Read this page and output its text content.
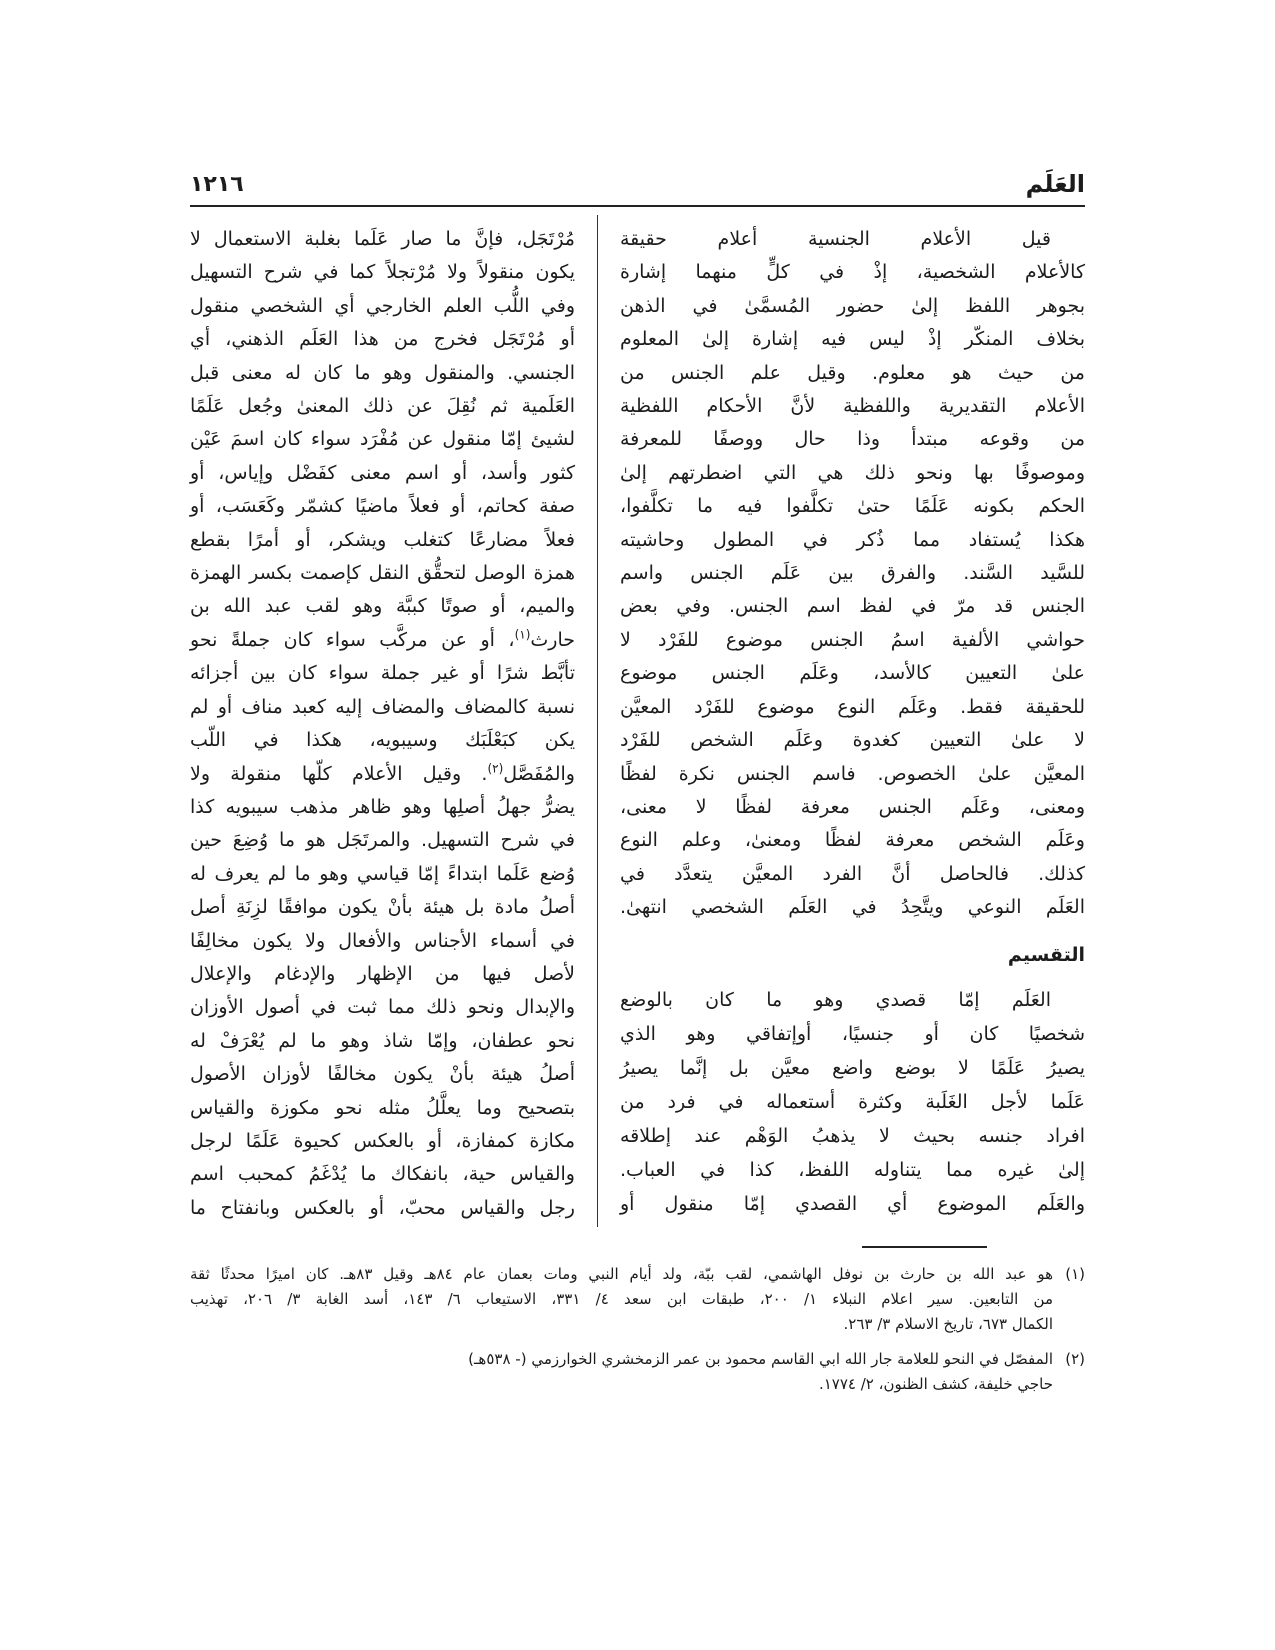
العَلَم
١٢١٦
قيل الأعلام الجنسية أعلام حقيقة
كالأعلام الشخصية، إذْ في كلٍّ منهما إشارة
بجوهر اللفظ إلىٰ حضور المُسمَّىٰ في الذهن
بخلاف المنكّر إذْ ليس فيه إشارة إلىٰ المعلوم
من حيث هو معلوم. وقيل علم الجنس من
الأعلام التقديرية واللفظية لأنَّ الأحكام اللفظية
من وقوعه مبتدأ وذا حال ووصفًا للمعرفة
وموصوفًا بها ونحو ذلك هي التي اضطرتهم إلىٰ
الحكم بكونه عَلَمًا حتىٰ تكلَّفوا فيه ما تكلَّفوا،
هكذا يُستفاد مما ذُكر في المطول وحاشيته
للسَّيد السَّند. والفرق بين عَلَم الجنس واسم
الجنس قد مرّ في لفظ اسم الجنس. وفي بعض
حواشي الألفية اسمُ الجنس موضوع للفَرْد لا
علىٰ التعيين كالأسد، وعَلَم الجنس موضوع
للحقيقة فقط. وعَلَم النوع موضوع للفَرْد المعيَّن
لا علىٰ التعيين كغدوة وعَلَم الشخص للفَرْد
المعيَّن علىٰ الخصوص. فاسم الجنس نكرة لفظًا
ومعنى، وعَلَم الجنس معرفة لفظًا لا معنى،
وعَلَم الشخص معرفة لفظًا ومعنىٰ، وعلم النوع
كذلك. فالحاصل أنَّ الفرد المعيَّن يتعدَّد في
العَلَم النوعي ويتَّحِدُ في العَلَم الشخصي انتهىٰ.
التقسيم
العَلَم إمّا قصدي وهو ما كان بالوضع
شخصيًا كان أو جنسيًا، أوإتفاقي وهو الذي
يصيرُ عَلَمًا لا بوضع واضع معيَّن بل إنَّما يصيرُ
عَلَما لأجل الغَلَبة وكثرة أستعماله في فرد من
افراد جنسه بحيث لا يذهبُ الوَهْم عند إطلاقه
إلىٰ غيره مما يتناوله اللفظ، كذا في العباب.
والعَلَم الموضوع أي القصدي إمّا منقول أو
مُرْتَجَل، فإنَّ ما صار عَلَما بغلبة الاستعمال لا
يكون منقولاً ولا مُرْتجلاً كما في شرح التسهيل
وفي اللُّب العلم الخارجي أي الشخصي منقول
أو مُرْتَجَل فخرج من هذا العَلَم الذهني، أي
الجنسي. والمنقول وهو ما كان له معنى قبل
العَلَمية ثم نُقِلَ عن ذلك المعنىٰ وجُعل عَلَمًا
لشيئ إمّا منقول عن مُفْرَد سواء كان اسمَ عَيْن
كثور وأسد، أو اسم معنى كفَضْل وإياس، أو
صفة كحاتم، أو فعلاً ماضيًا كشمّر وكَعَسَب، أو
فعلاً مضارعًا كتغلب ويشكر، أو أمرًا بقطع
همزة الوصل لتحقُّق النقل كإصمت بكسر الهمزة
والميم، أو صوتًا كببَّة وهو لقب عبد الله بن
حارث$^{(١)}$، أو عن مركَّب سواء كان جملةً نحو
تأبَّط شرًا أو غير جملة سواء كان بين أجزائه
نسبة كالمضاف والمضاف إليه كعبد مناف أو لم
يكن كبَعْلَبَك وسيبويه، هكذا في اللّب
والمُفَصَّل$^{(٢)}$. وقيل الأعلام كلّها منقولة ولا
يضرُّ جهلُ أصلِها وهو ظاهر مذهب سيبويه كذا
في شرح التسهيل. والمرتَجَل هو ما وُضِعَ حين
وُضع عَلَما ابتداءً إمّا قياسي وهو ما لم يعرف له
أصلُ مادة بل هيئة بأنْ يكون موافقًا لزِنَةِ أصل
في أسماء الأجناس والأفعال ولا يكون مخالِفًا
لأصل فيها من الإظهار والإدغام والإعلال
والإبدال ونحو ذلك مما ثبت في أصول الأوزان
نحو عطفان، وإمّا شاذ وهو ما لم يُعْرَفْ له
أصلُ هيئة بأنْ يكون مخالفًا لأوزان الأصول
بتصحيح وما يعلَّلُ مثله نحو مكوزة والقياس
مكازة كمفازة، أو بالعكس كحيوة عَلَمًا لرجل
والقياس حية، بانفكاك ما يُدْغَمُ كمحبب اسم
رجل والقياس محبّ، أو بالعكس وبانفتاح ما
(١)
هو عبد الله بن حارث بن نوفل الهاشمي، لقب ببّة، ولد أيام النبي ومات بعمان عام ٨٤هـ وقيل ٨٣هـ. كان اميرًا محدثًا ثقة
من التابعين. سير اعلام النبلاء ١/ ٢٠٠، طبقات ابن سعد ٤/ ٣٣١، الاستيعاب ٦/ ١٤٣، أسد الغابة ٣/ ٢٠٦، تهذيب
الكمال ٦٧٣، تاريخ الاسلام ٣/ ٢٦٣.
(٢)
المفصّل في النحو للعلامة جار الله ابي القاسم محمود بن عمر الزمخشري الخوارزمي (- ٥٣٨هـ)
حاجي خليفة، كشف الظنون، ٢/ ١٧٧٤.
